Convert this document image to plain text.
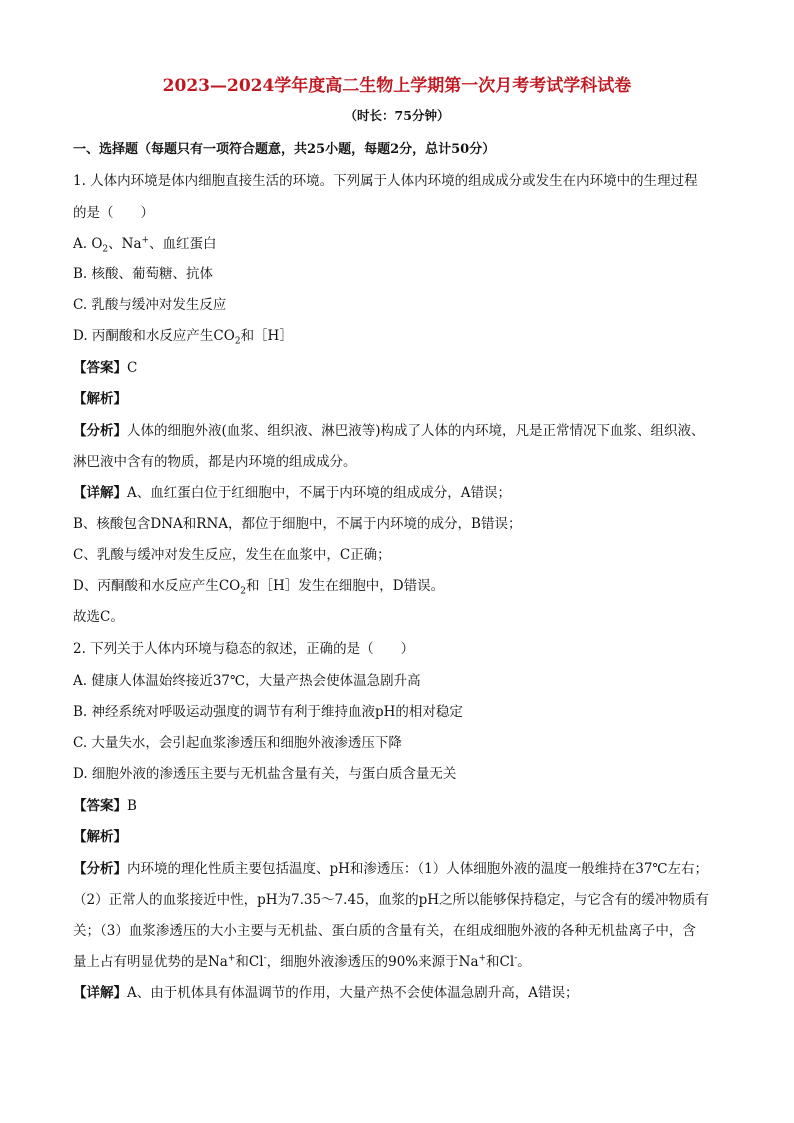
2023—2024学年度高二生物上学期第一次月考考试学科试卷
（时长：75分钟）
一、选择题（每题只有一项符合题意，共25小题，每题2分，总计50分）
1. 人体内环境是体内细胞直接生活的环境。下列属于人体内环境的组成成分或发生在内环境中的生理过程
的是（　　）
A. $O_2$、Na+、血红蛋白
B. 核酸、葡萄糖、抗体
C. 乳酸与缓冲对发生反应
D. 丙酮酸和水反应产生$CO_2$和［H］
【答案】C
【解析】
【分析】人体的细胞外液(血浆、组织液、淋巴液等)构成了人体的内环境，凡是正常情况下血浆、组织液、
淋巴液中含有的物质，都是内环境的组成成分。
【详解】A、血红蛋白位于红细胞中，不属于内环境的组成成分，A错误；
B、核酸包含DNA和RNA，都位于细胞中，不属于内环境的成分，B错误；
C、乳酸与缓冲对发生反应，发生在血浆中，C正确；
D、丙酮酸和水反应产生$CO_2$和［H］发生在细胞中，D错误。
故选C。
2. 下列关于人体内环境与稳态的叙述，正确的是（　　）
A. 健康人体温始终接近37℃，大量产热会使体温急剧升高
B. 神经系统对呼吸运动强度的调节有利于维持血液pH的相对稳定
C. 大量失水，会引起血浆渗透压和细胞外液渗透压下降
D. 细胞外液的渗透压主要与无机盐含量有关，与蛋白质含量无关
【答案】B
【解析】
【分析】内环境的理化性质主要包括温度、pH和渗透压：（1）人体细胞外液的温度一般维持在37℃左右；
（2）正常人的血浆接近中性，pH为7.35～7.45，血浆的pH之所以能够保持稳定，与它含有的缓冲物质有
关；（3）血浆渗透压的大小主要与无机盐、蛋白质的含量有关，在组成细胞外液的各种无机盐离子中，含
量上占有明显优势的是Na+和Cl-，细胞外液渗透压的90%来源于Na+和Cl-。
【详解】A、由于机体具有体温调节的作用，大量产热不会使体温急剧升高，A错误；
